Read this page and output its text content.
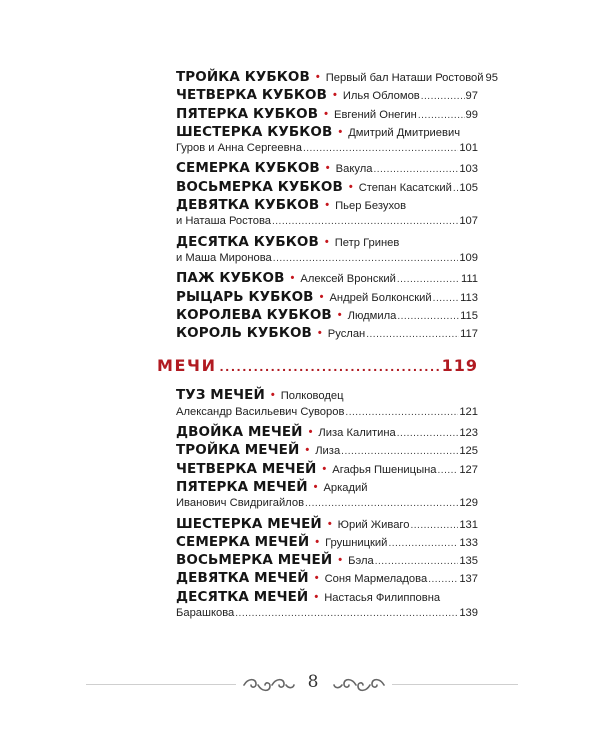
ТРОЙКА КУБКОВ • Первый бал Наташи Ростовой 95
ЧЕТВЕРКА КУБКОВ • Илья Обломов .....	97
ПЯТЕРКА КУБКОВ • Евгений Онегин .....	99
ШЕСТЕРКА КУБКОВ • Дмитрий Дмитриевич
Гуров и Анна Сергеевна .....	101
СЕМЕРКА КУБКОВ • Вакула .....	103
ВОСЬМЕРКА КУБКОВ • Степан Касатский ..... 105
ДЕВЯТКА КУБКОВ • Пьер Безухов
и Наташа Ростова .....	107
ДЕСЯТКА КУБКОВ • Петр Гринев
и Маша Миронова .....	109
ПАЖ КУБКОВ • Алексей Вронский .....	111
РЫЦАРЬ КУБКОВ • Андрей Болконский .....	113
КОРОЛЕВА КУБКОВ • Людмила .....	115
КОРОЛЬ КУБКОВ • Руслан .....	117
МЕЧИ .....	119
ТУЗ МЕЧЕЙ • Полководец
Александр Васильевич Суворов .....	121
ДВОЙКА МЕЧЕЙ • Лиза Калитина .....	123
ТРОЙКА МЕЧЕЙ • Лиза .....	125
ЧЕТВЕРКА МЕЧЕЙ • Агафья Пшеницына ..... 127
ПЯТЕРКА МЕЧЕЙ • Аркадий
Иванович Свидригайлов .....	129
ШЕСТЕРКА МЕЧЕЙ • Юрий Живаго .....	131
СЕМЕРКА МЕЧЕЙ • Грушницкий .....	133
ВОСЬМЕРКА МЕЧЕЙ • Бэла .....	135
ДЕВЯТКА МЕЧЕЙ • Соня Мармеладова .....	137
ДЕСЯТКА МЕЧЕЙ • Настасья Филипповна
Барашкова .....	139
8
